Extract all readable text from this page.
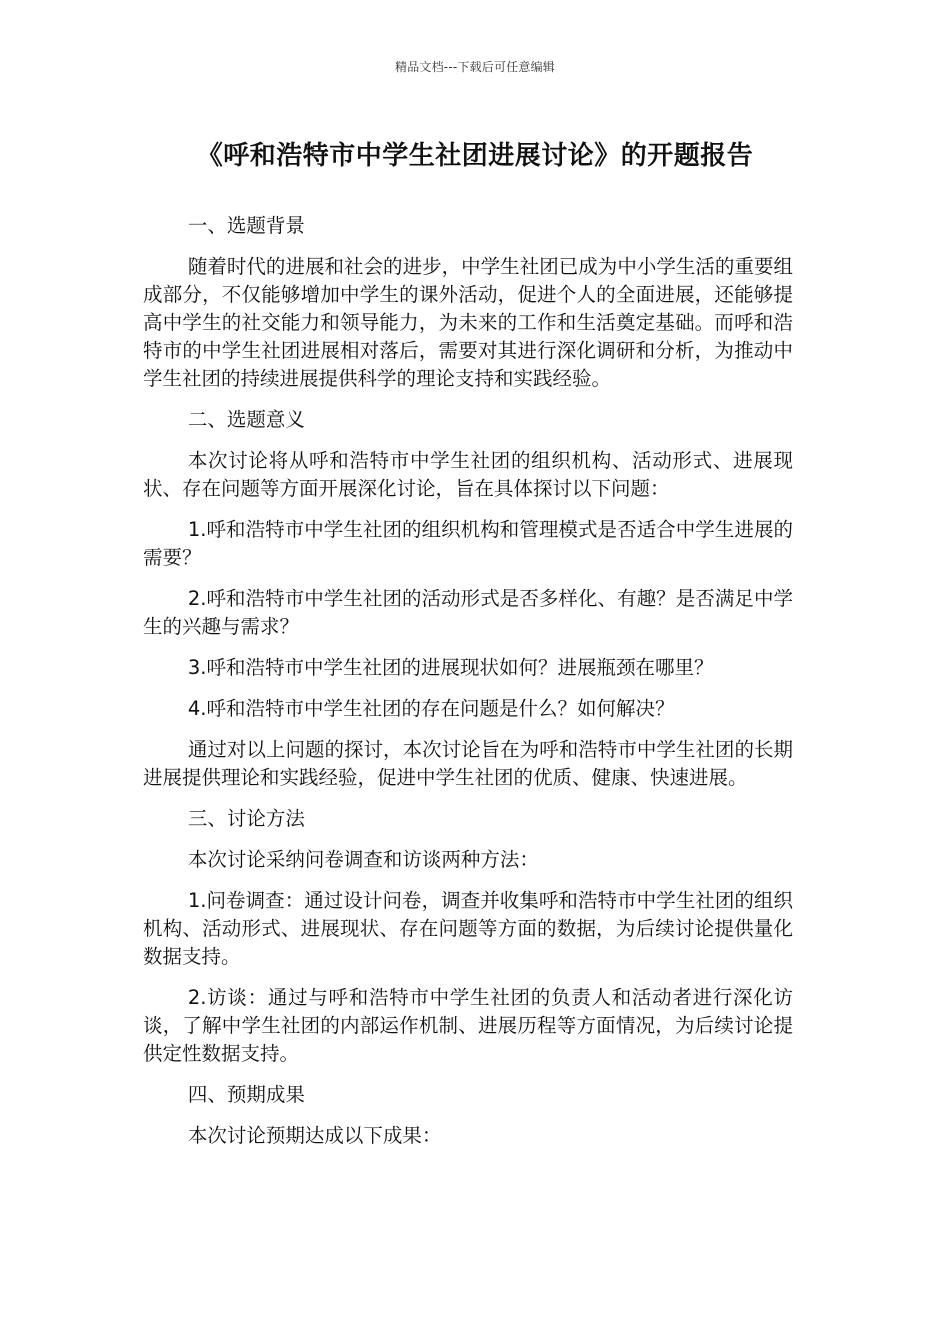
精品文档---下载后可任意编辑
《呼和浩特市中学生社团进展讨论》的开题报告

一、选题背景

随着时代的进展和社会的进步，中学生社团已成为中小学生活的重要组成部分，不仅能够增加中学生的课外活动，促进个人的全面进展，还能够提高中学生的社交能力和领导能力，为未来的工作和生活奠定基础。而呼和浩特市的中学生社团进展相对落后，需要对其进行深化调研和分析，为推动中学生社团的持续进展提供科学的理论支持和实践经验。

二、选题意义

本次讨论将从呼和浩特市中学生社团的组织机构、活动形式、进展现状、存在问题等方面开展深化讨论，旨在具体探讨以下问题：

1.呼和浩特市中学生社团的组织机构和管理模式是否适合中学生进展的需要？

2.呼和浩特市中学生社团的活动形式是否多样化、有趣？是否满足中学生的兴趣与需求？

3.呼和浩特市中学生社团的进展现状如何？进展瓶颈在哪里？

4.呼和浩特市中学生社团的存在问题是什么？如何解决？

通过对以上问题的探讨，本次讨论旨在为呼和浩特市中学生社团的长期进展提供理论和实践经验，促进中学生社团的优质、健康、快速进展。

三、讨论方法

本次讨论采纳问卷调查和访谈两种方法：

1.问卷调查：通过设计问卷，调查并收集呼和浩特市中学生社团的组织机构、活动形式、进展现状、存在问题等方面的数据，为后续讨论提供量化数据支持。

2.访谈：通过与呼和浩特市中学生社团的负责人和活动者进行深化访谈，了解中学生社团的内部运作机制、进展历程等方面情况，为后续讨论提供定性数据支持。

四、预期成果

本次讨论预期达成以下成果：
